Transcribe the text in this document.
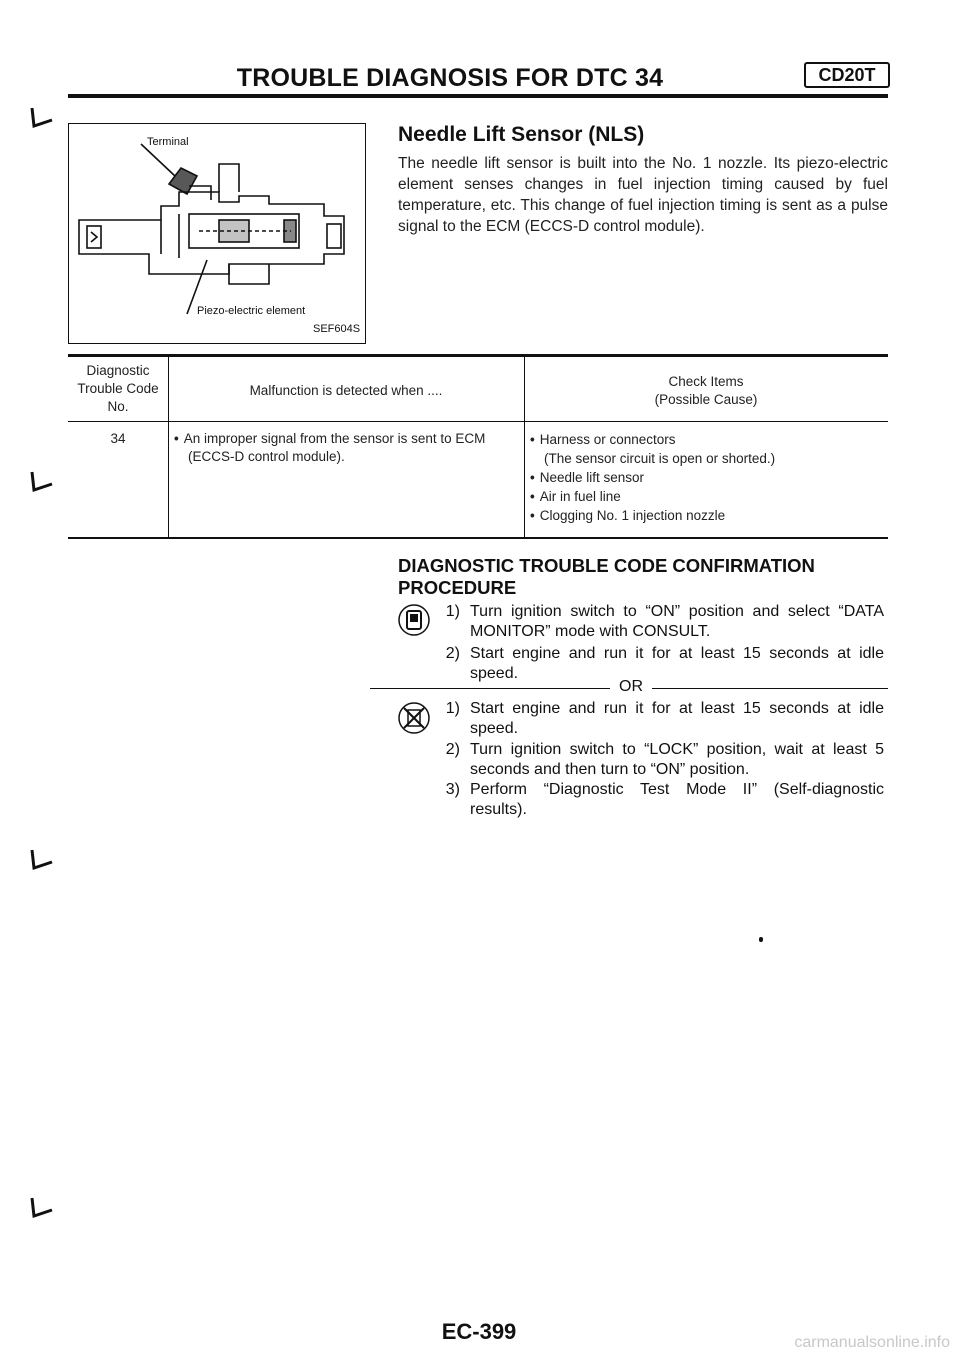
TROUBLE DIAGNOSIS FOR DTC 34	CD20T
Terminal
Piezo-electric element
SEF604S
Needle Lift Sensor (NLS)
The needle lift sensor is built into the No. 1 nozzle. Its piezo-electric element senses changes in fuel injection timing caused by fuel temperature, etc. This change of fuel injection timing is sent as a pulse signal to the ECM (ECCS-D control module).
Diagnostic
Trouble Code
No.
Malfunction is detected when ....
Check Items
(Possible Cause)
34
•	An improper signal from the sensor is sent to ECM
(ECCS-D control module).
• Harness or connectors
(The sensor circuit is open or shorted.)
• Needle lift sensor
• Air in fuel line
• Clogging No. 1 injection nozzle
DIAGNOSTIC TROUBLE CODE CONFIRMATION
PROCEDURE
1) Turn ignition switch to “ON” position and select “DATA MONITOR” mode with CONSULT.
2) Start engine and run it for at least 15 seconds at idle speed.
OR
1) Start engine and run it for at least 15 seconds at idle speed.
2) Turn ignition switch to “LOCK” position, wait at least 5 seconds and then turn to “ON” position.
3) Perform “Diagnostic Test Mode II” (Self-diagnostic results).
EC-399	carmanualsonline.info
